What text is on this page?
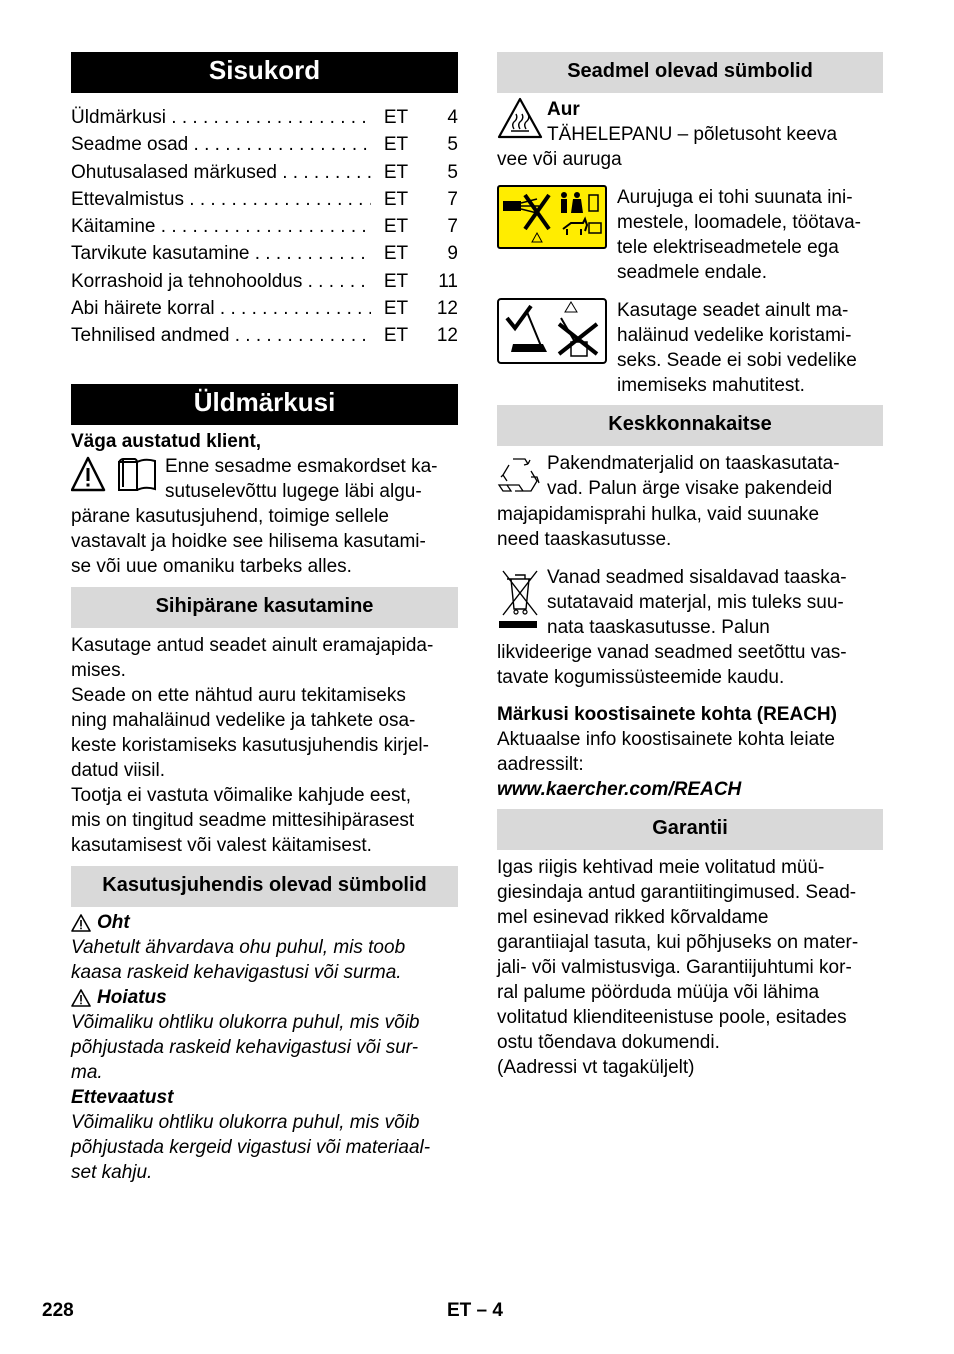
Sisukord
Üldmärkusi . . .	ET	4
Seadme osad . . .	ET	5
Ohutusalased märkused . . .	ET	5
Ettevalmistus . . .	ET	7
Käitamine . . .	ET	7
Tarvikute kasutamine . . .	ET	9
Korrashoid ja tehnohooldus . . .	ET	11
Abi häirete korral . . .	ET	12
Tehnilised andmed . . .	ET	12
Üldmärkusi

Väga austatud klient,

Enne sesadme esmakordset ka-

sutuselevõttu lugege läbi algu-

pärane kasutusjuhend, toimige sellele

vastavalt ja hoidke see hilisema kasutami-

se või uue omaniku tarbeks alles.

Sihipärane kasutamine

Kasutage antud seadet ainult eramajapida-

mises.

Seade on ette nähtud auru tekitamiseks

ning mahaläinud vedelike ja tahkete osa-

keste koristamiseks kasutusjuhendis kirjel-

datud viisil.

Tootja ei vastuta võimalike kahjude eest,

mis on tingitud seadme mittesihipärasest

kasutamisest või valest käitamisest.

Kasutusjuhendis olevad sümbolid
Oht

Vahetult ähvardava ohu puhul, mis toob

kaasa raskeid kehavigastusi või surma.

Hoiatus

Võimaliku ohtliku olukorra puhul, mis võib

põhjustada raskeid kehavigastusi või sur-

ma.

Ettevaatust

Võimaliku ohtliku olukorra puhul, mis võib

põhjustada kergeid vigastusi või materiaal-

set kahju.

Seadmel olevad sümbolid

Aur

TÄHELEPANU – põletusoht keeva

vee või auruga

Aurujuga ei tohi suunata ini-

mestele, loomadele, töötava-

tele elektriseadmetele ega

seadmele endale.

Kasutage seadet ainult ma-

haläinud vedelike koristami-

seks. Seade ei sobi vedelike

imemiseks mahutitest.

Keskkonnakaitse

Pakendmaterjalid on taaskasutata-

vad. Palun ärge visake pakendeid

majapidamisprahi hulka, vaid suunake

need taaskasutusse.

Vanad seadmed sisaldavad taaska-

sutatavaid materjal, mis tuleks suu-

nata taaskasutusse. Palun

likvideerige vanad seadmed seetõttu vas-

tavate kogumissüsteemide kaudu.

Märkusi koostisainete kohta (REACH)

Aktuaalse info koostisainete kohta leiate

aadressilt:

www.kaercher.com/REACH

Garantii

Igas riigis kehtivad meie volitatud müü-

giesindaja antud garantiitingimused. Sead-

mel esinevad rikked kõrvaldame

garantiiajal tasuta, kui põhjuseks on mater-

jali- või valmistusviga. Garantiijuhtumi kor-

ral palume pöörduda müüja või lähima

volitatud klienditeenistuse poole, esitades

ostu tõendava dokumendi.

(Aadressi vt tagaküljelt)

228	ET – 4
